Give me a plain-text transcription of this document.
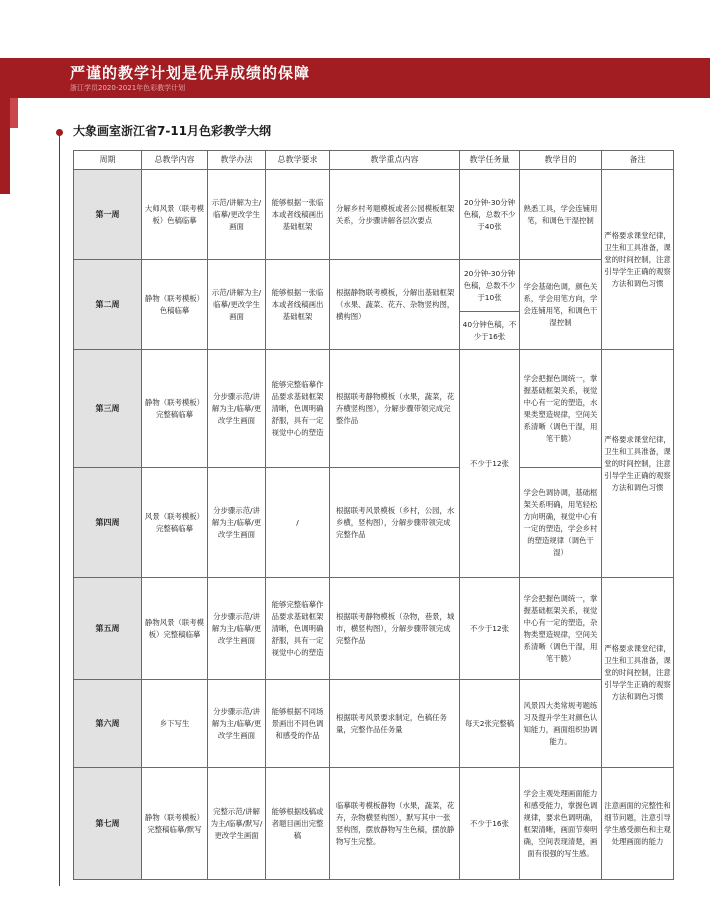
严谨的教学计划是优异成绩的保障
浙江学员2020-2021年色彩教学计划
大象画室浙江省7-11月色彩教学大纲
周期	总教学内容	教学办法	总教学要求	教学重点内容	教学任务量	教学目的	备注
第一周	大师风景（联考模板）色稿临摹	示范/讲解为主/临摹/更改学生画面	能够根据一张临本或者线稿画出基础框架	分解乡村考题模板或者公园模板框架关系，分步骤讲解各层次要点	20分钟-30分钟色稿，总数不少于40张	熟悉工具，学会连铺用笔，和调色干湿控制	严格要求课堂纪律，卫生和工具准备，课堂的时间控制，注意引导学生正确的观察方法和调色习惯
第二周	静物（联考模板）色稿临摹	示范/讲解为主/临摹/更改学生画面	能够根据一张临本或者线稿画出基础框架	根据静物联考模板，分解出基础框架（水果、蔬菜、花卉、杂物竖构图，横构图）	20分钟-30分钟色稿，总数不少于10张	学会基础色调，颜色关系，学会用笔方向，学会连铺用笔，和调色干湿控制	
					40分钟色稿，不少于16张		
第三周	静物（联考模板）完整稿临摹	分步骤示范/讲解为主/临摹/更改学生画面	能够完整临摹作品要求基础框架清晰，色调明确舒服，具有一定视觉中心的塑造	根据联考静物模板（水果，蔬菜，花卉横竖构图），分解步骤带领完成完整作品	不少于12张	学会把握色调统一，掌握基础框架关系，视觉中心有一定的塑造，水果类塑造规律，空间关系清晰（调色干湿，用笔干脆）	严格要求课堂纪律，卫生和工具准备，课堂的时间控制，注意引导学生正确的观察方法和调色习惯
第四周	风景（联考模板）完整稿临摹	分步骤示范/讲解为主/临摹/更改学生画面	/	根据联考风景模板（乡村，公园，水乡横，竖构图），分解步骤带领完成完整作品		学会色调协调，基础框架关系明确，用笔轻松方向明确，视觉中心有一定的塑造，学会乡村的塑造规律（调色干湿）	
第五周	静物风景（联考模板）完整稿临摹	分步骤示范/讲解为主/临摹/更改学生画面	能够完整临摹作品要求基础框架清晰，色调明确舒服，具有一定视觉中心的塑造	根据联考静物模板（杂物，巷景，城市，横竖构图），分解步骤带领完成完整作品	不少于12张	学会把握色调统一，掌握基础框架关系，视觉中心有一定的塑造，杂物类塑造规律，空间关系清晰（调色干湿，用笔干脆）	严格要求课堂纪律，卫生和工具准备，课堂的时间控制，注意引导学生正确的观察方法和调色习惯
第六周	乡下写生	分步骤示范/讲解为主/临摹/更改学生画面	能够根据不同场景画出不同色调和感受的作品	根据联考风景要求制定，色稿任务量，完整作品任务量	每天2张完整稿	风景四大类常规考题练习及提升学生对颜色认知能力，画面组织协调能力。	
第七周	静物（联考模板）完整稿临摹/默写	完整示范/讲解为主/临摹/默写/更改学生画面	能够根据线稿或者题目画出完整稿	临摹联考模板静物（水果，蔬菜，花卉，杂物横竖构图），默写其中一张竖构图，摆放静物写生色稿，摆放静物写生完整。	不少于16张	学会主观处理画面能力和感受能力，掌握色调规律，要求色调明确，框架清晰，画面节奏明确，空间表现清楚，画面有很强的写生感。	注意画面的完整性和细节问题，注意引导学生感受颜色和主观处理画面的能力
